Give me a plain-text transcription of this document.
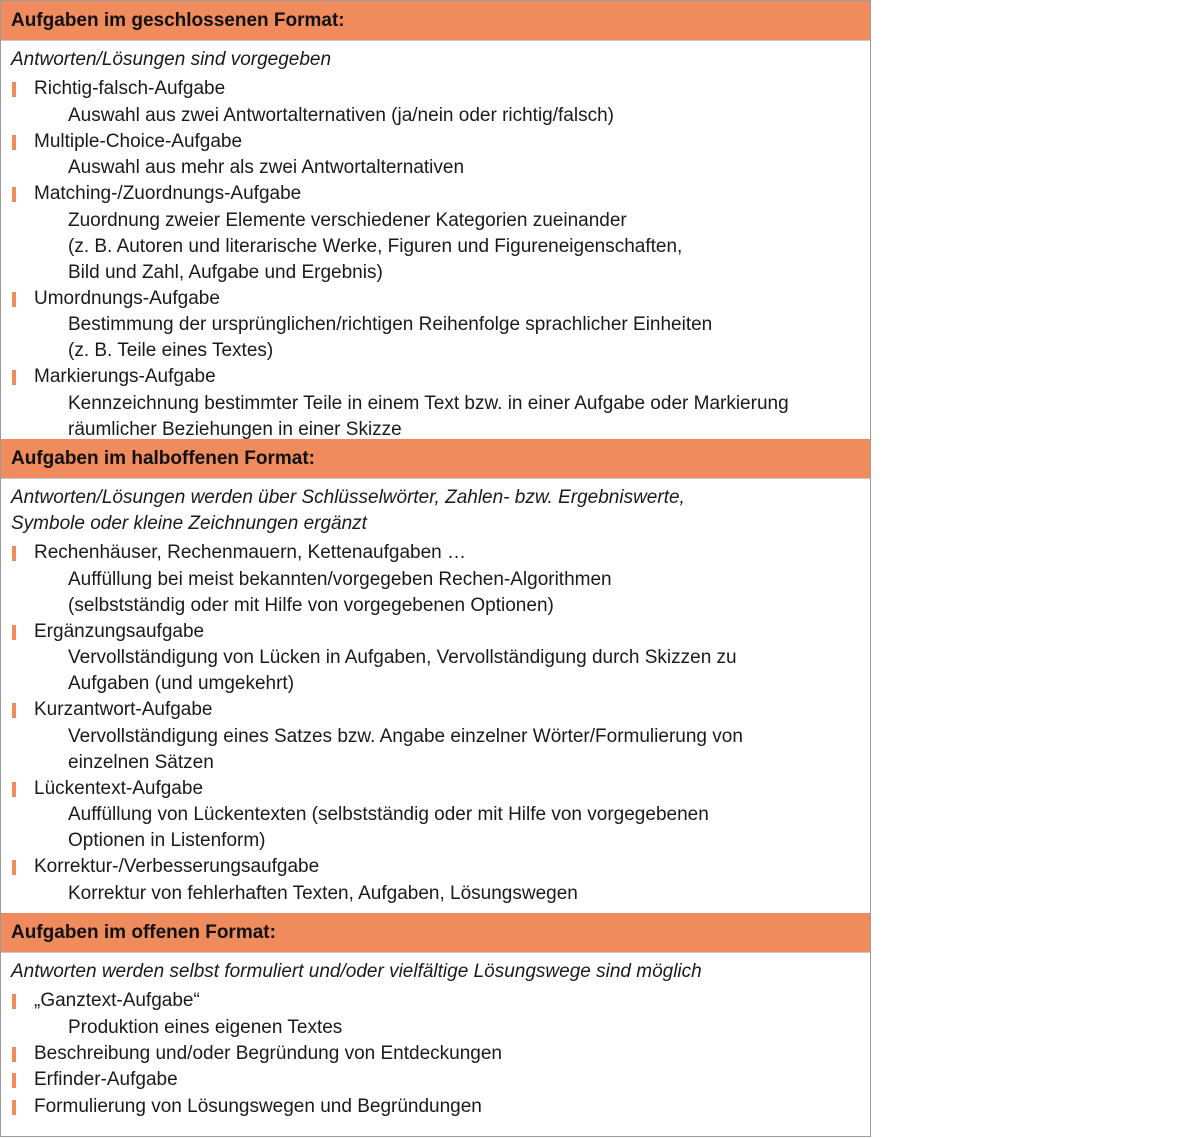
Aufgaben im geschlossenen Format:
Antworten/Lösungen sind vorgegeben
Richtig-falsch-Aufgabe
Auswahl aus zwei Antwortalternativen (ja/nein oder richtig/falsch)
Multiple-Choice-Aufgabe
Auswahl aus mehr als zwei Antwortalternativen
Matching-/Zuordnungs-Aufgabe
Zuordnung zweier Elemente verschiedener Kategorien zueinander
(z. B. Autoren und literarische Werke, Figuren und Figureneigenschaften,
Bild und Zahl, Aufgabe und Ergebnis)
Umordnungs-Aufgabe
Bestimmung der ursprünglichen/richtigen Reihenfolge sprachlicher Einheiten
(z. B. Teile eines Textes)
Markierungs-Aufgabe
Kennzeichnung bestimmter Teile in einem Text bzw. in einer Aufgabe oder Markierung
räumlicher Beziehungen in einer Skizze
Aufgaben im halboffenen Format:
Antworten/Lösungen werden über Schlüsselwörter, Zahlen- bzw. Ergebniswerte,
Symbole oder kleine Zeichnungen ergänzt
Rechenhäuser, Rechenmauern, Kettenaufgaben …
Auffüllung bei meist bekannten/vorgegeben Rechen-Algorithmen
(selbstständig oder mit Hilfe von vorgegebenen Optionen)
Ergänzungsaufgabe
Vervollständigung von Lücken in Aufgaben, Vervollständigung durch Skizzen zu
Aufgaben (und umgekehrt)
Kurzantwort-Aufgabe
Vervollständigung eines Satzes bzw. Angabe einzelner Wörter/Formulierung von
einzelnen Sätzen
Lückentext-Aufgabe
Auffüllung von Lückentexten (selbstständig oder mit Hilfe von vorgegebenen
Optionen in Listenform)
Korrektur-/Verbesserungsaufgabe
Korrektur von fehlerhaften Texten, Aufgaben, Lösungswegen
Aufgaben im offenen Format:
Antworten werden selbst formuliert und/oder vielfältige Lösungswege sind möglich
„Ganztext-Aufgabe“
Produktion eines eigenen Textes
Beschreibung und/oder Begründung von Entdeckungen
Erfinder-Aufgabe
Formulierung von Lösungswegen und Begründungen
